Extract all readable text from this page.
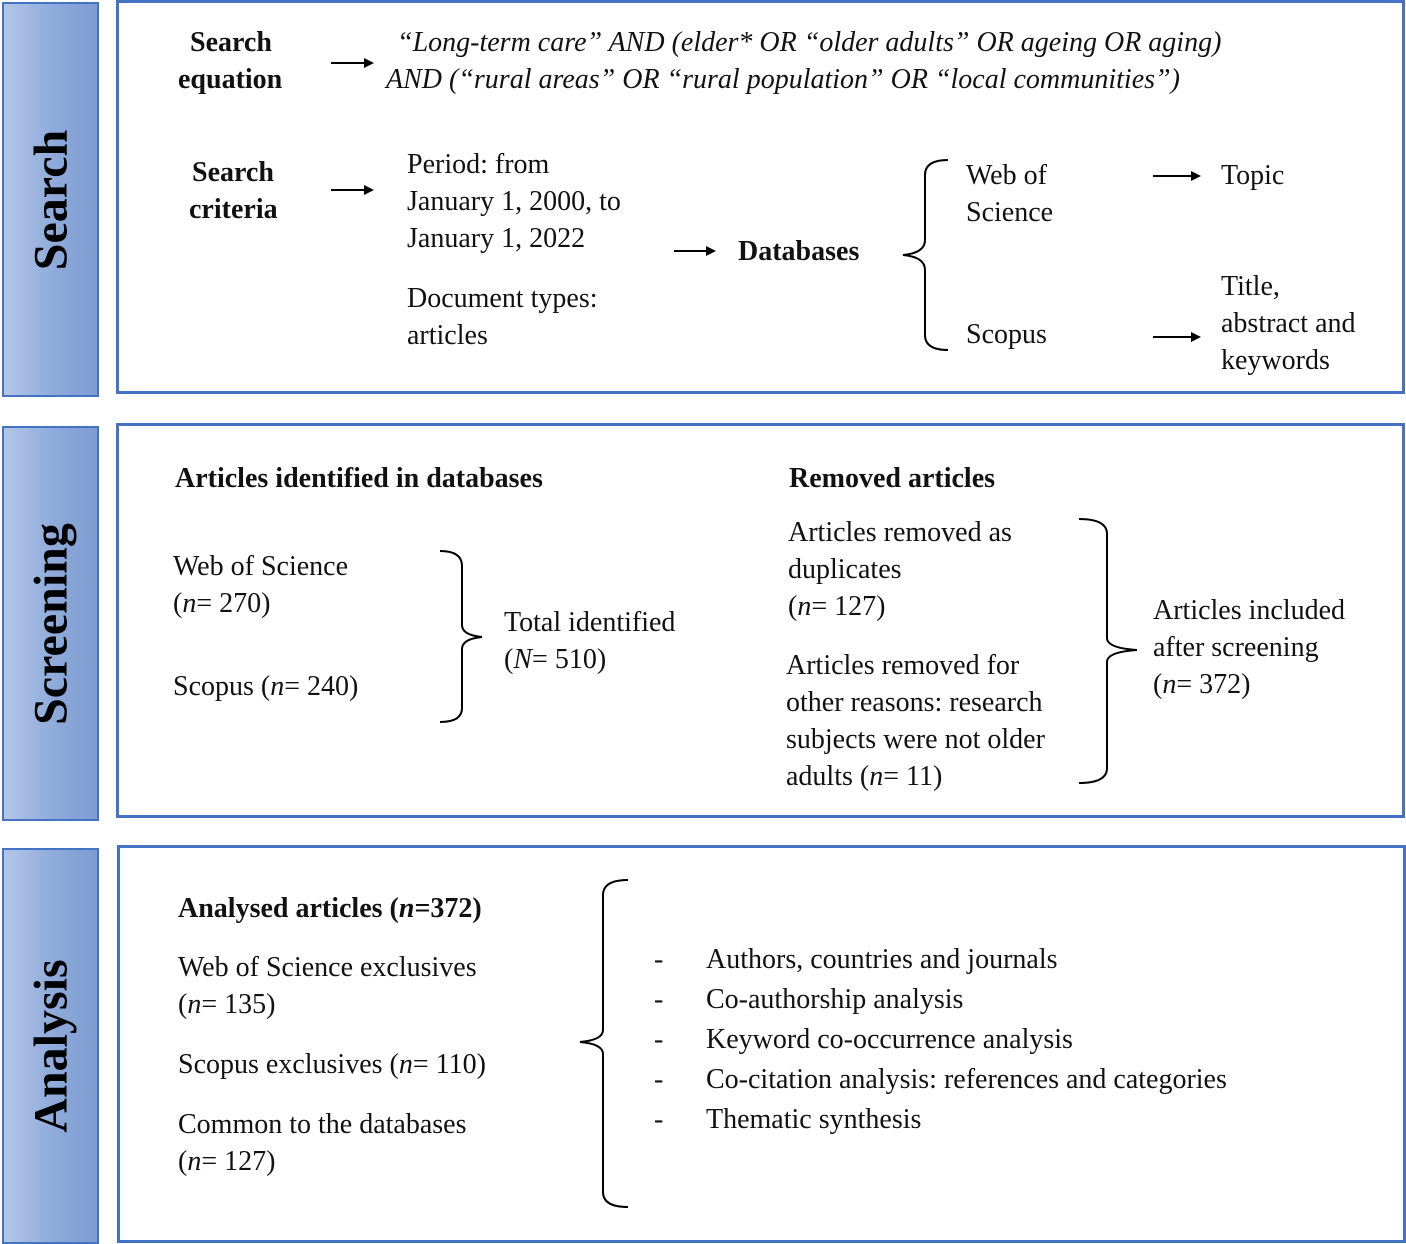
Search
Screening
Analysis
Search
equation
“Long-term care” AND (elder* OR “older adults” OR ageing OR aging)
AND (“rural areas” OR “rural population” OR “local communities”)
Search
criteria
Period: from
January 1, 2000, to
January 1, 2022
Document types:
articles
Databases
Web of
Science
Scopus
Topic
Title,
abstract and
keywords
Articles identified in databases
Web of Science
(n= 270)
Scopus (n= 240)
Total identified
(N= 510)
Removed articles
Articles removed as
duplicates
(n= 127)
Articles removed for
other reasons: research
subjects were not older
adults (n= 11)
Articles included
after screening
(n= 372)
Analysed articles (n=372)
Web of Science exclusives
(n= 135)
Scopus exclusives (n= 110)
Common to the databases
(n= 127)
- Authors, countries and journals
- Co-authorship analysis
- Keyword co-occurrence analysis
- Co-citation analysis: references and categories
- Thematic synthesis
